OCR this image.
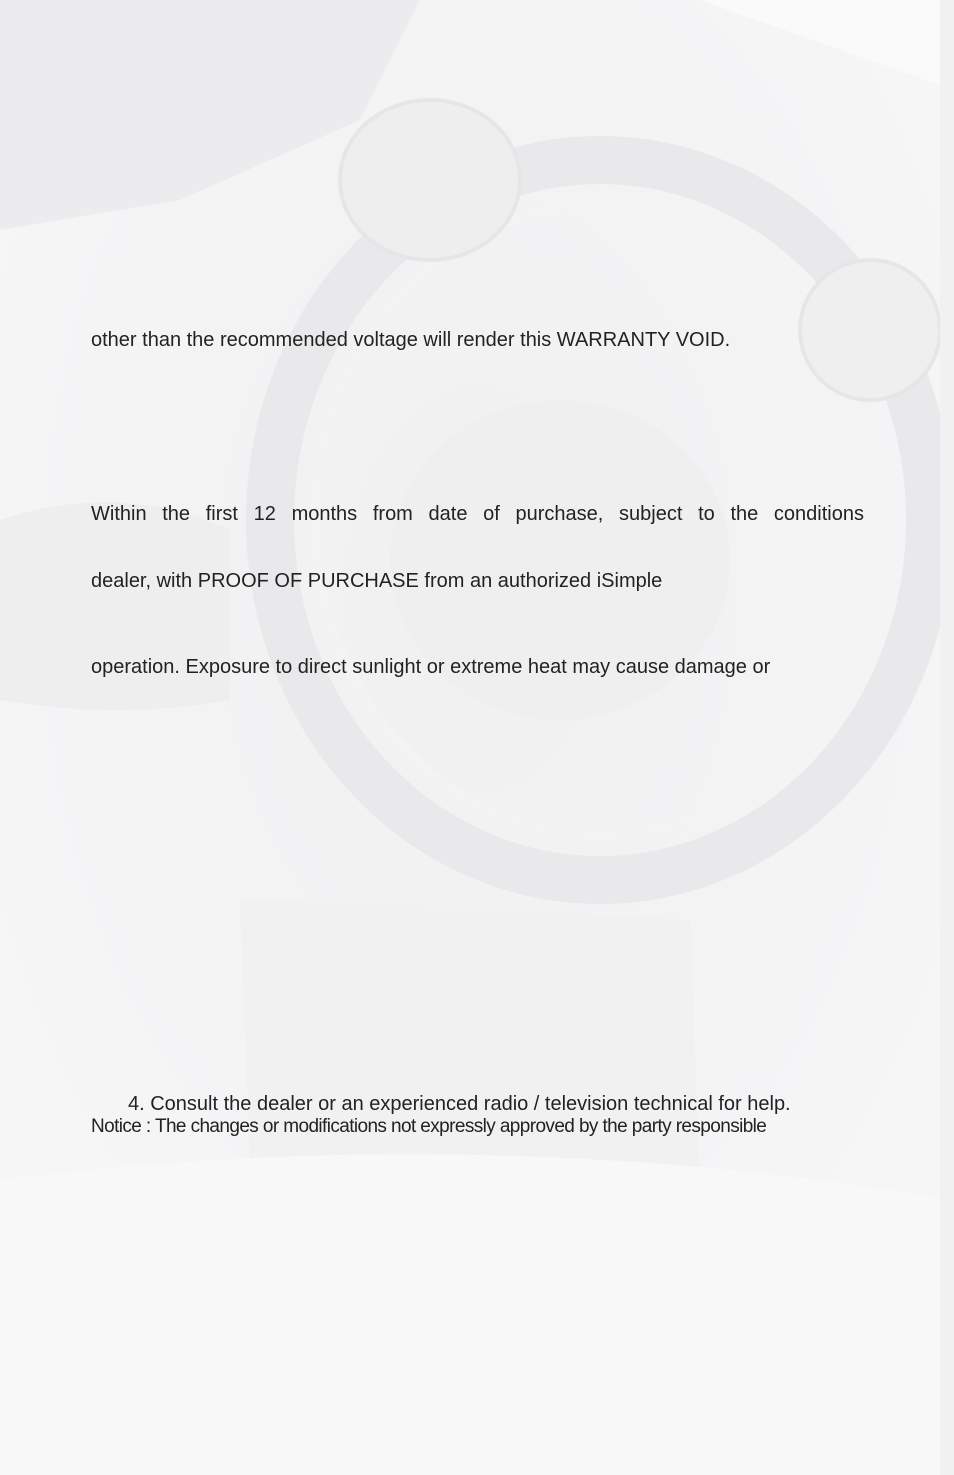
other than the recommended voltage will render this WARRANTY VOID.
Within the first 12 months from date of purchase, subject to the conditions
dealer, with PROOF OF PURCHASE from an authorized iSimple
operation. Exposure to direct sunlight or extreme heat may cause damage or
4. Consult the dealer or an experienced radio / television technical for help.
Notice : The changes or modifications not expressly approved by the party responsible
